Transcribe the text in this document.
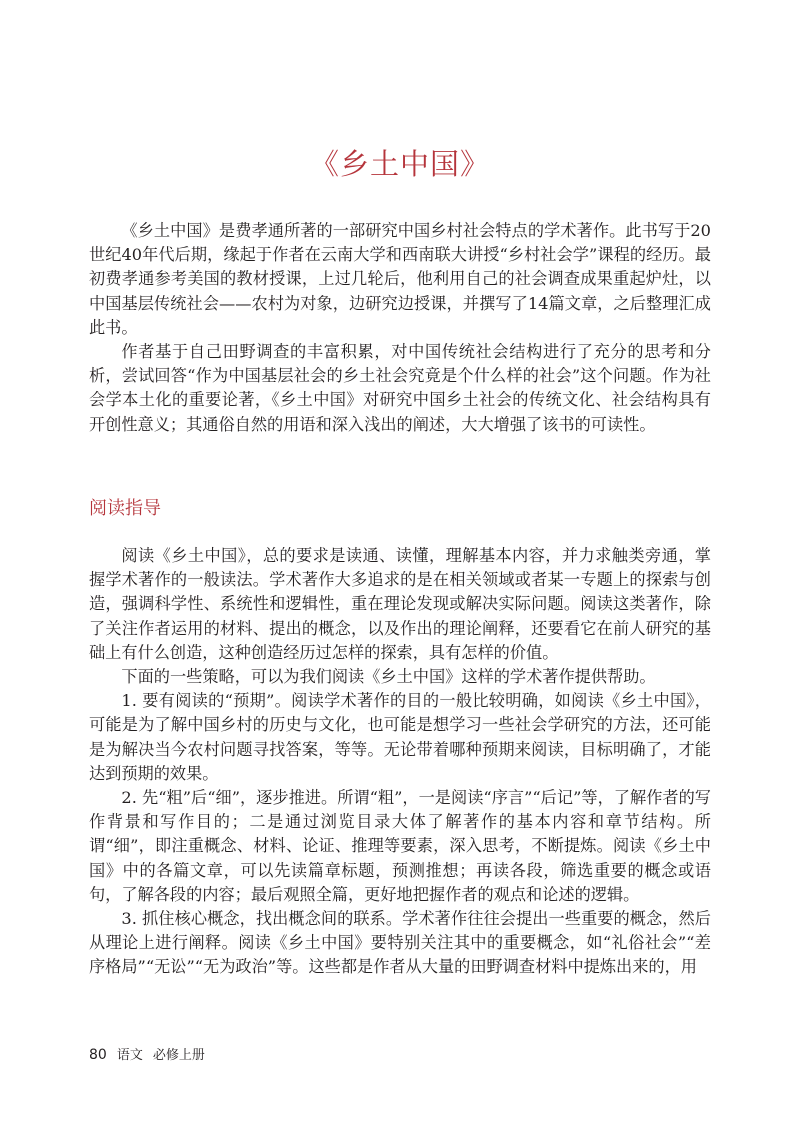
《乡土中国》

《乡土中国》是费孝通所著的一部研究中国乡村社会特点的学术著作。此书写于20世纪40年代后期，缘起于作者在云南大学和西南联大讲授“乡村社会学”课程的经历。最初费孝通参考美国的教材授课，上过几轮后，他利用自己的社会调查成果重起炉灶，以中国基层传统社会——农村为对象，边研究边授课，并撰写了14篇文章，之后整理汇成此书。

作者基于自己田野调查的丰富积累，对中国传统社会结构进行了充分的思考和分析，尝试回答“作为中国基层社会的乡土社会究竟是个什么样的社会”这个问题。作为社会学本土化的重要论著，《乡土中国》对研究中国乡土社会的传统文化、社会结构具有开创性意义；其通俗自然的用语和深入浅出的阐述，大大增强了该书的可读性。

阅读指导

阅读《乡土中国》，总的要求是读通、读懂，理解基本内容，并力求触类旁通，掌握学术著作的一般读法。学术著作大多追求的是在相关领域或者某一专题上的探索与创造，强调科学性、系统性和逻辑性，重在理论发现或解决实际问题。阅读这类著作，除了关注作者运用的材料、提出的概念，以及作出的理论阐释，还要看它在前人研究的基础上有什么创造，这种创造经历过怎样的探索，具有怎样的价值。

下面的一些策略，可以为我们阅读《乡土中国》这样的学术著作提供帮助。

1. 要有阅读的“预期”。阅读学术著作的目的一般比较明确，如阅读《乡土中国》，可能是为了解中国乡村的历史与文化，也可能是想学习一些社会学研究的方法，还可能是为解决当今农村问题寻找答案，等等。无论带着哪种预期来阅读，目标明确了，才能达到预期的效果。

2. 先“粗”后“细”，逐步推进。所谓“粗”，一是阅读“序言”“后记”等，了解作者的写作背景和写作目的；二是通过浏览目录大体了解著作的基本内容和章节结构。所谓“细”，即注重概念、材料、论证、推理等要素，深入思考，不断提炼。阅读《乡土中国》中的各篇文章，可以先读篇章标题，预测推想；再读各段，筛选重要的概念或语句，了解各段的内容；最后观照全篇，更好地把握作者的观点和论述的逻辑。

3. 抓住核心概念，找出概念间的联系。学术著作往往会提出一些重要的概念，然后从理论上进行阐释。阅读《乡土中国》要特别关注其中的重要概念，如“礼俗社会”“差序格局”“无讼”“无为政治”等。这些都是作者从大量的田野调查材料中提炼出来的，用

80 语文 必修上册
